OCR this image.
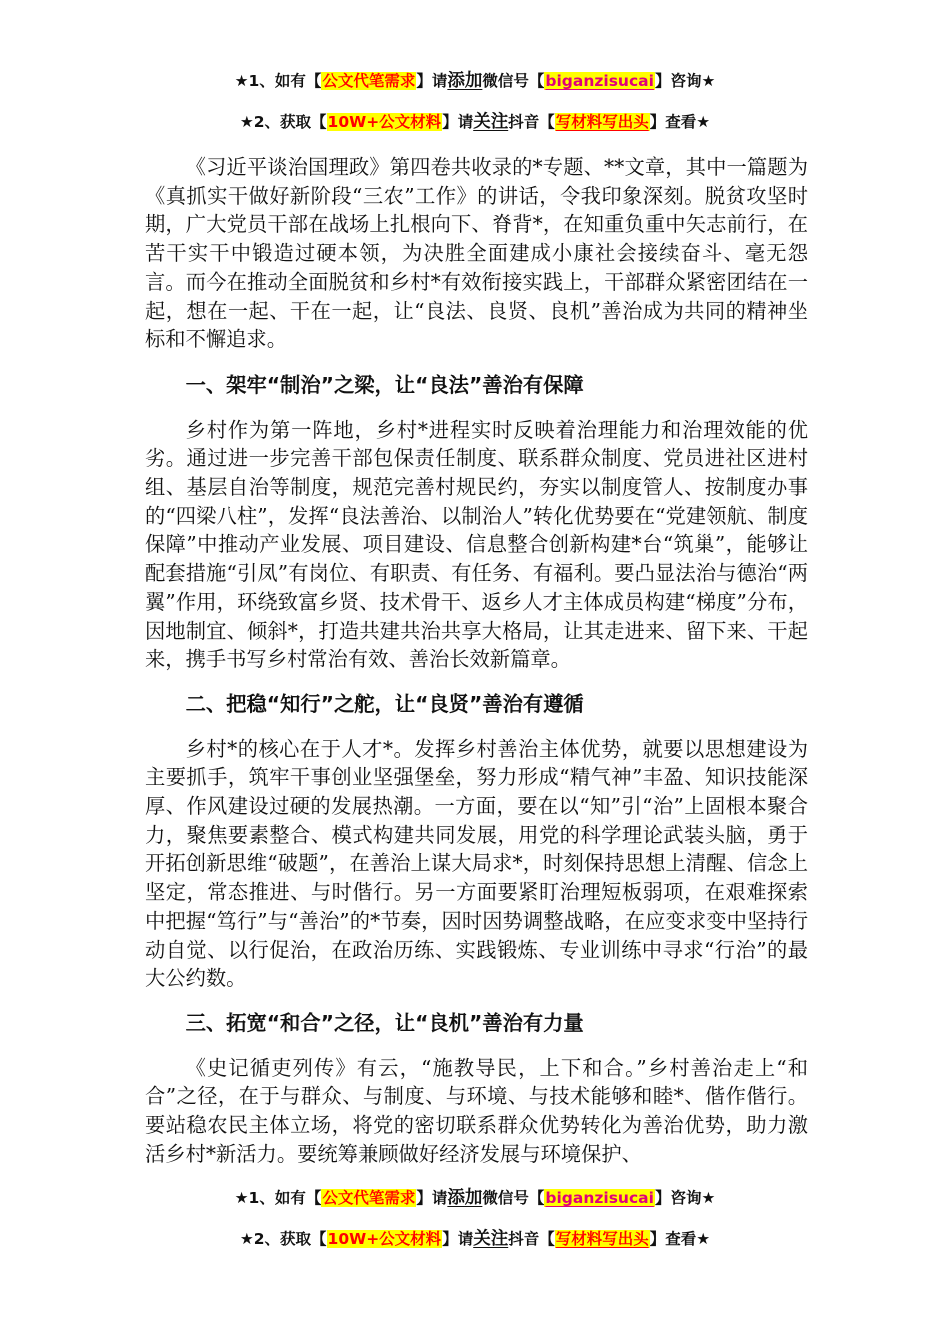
★1、如有【公文代笔需求】请添加微信号【biganzisucai】咨询★
★2、获取【10W+公文材料】请关注抖音【写材料写出头】查看★

《习近平谈治国理政》第四卷共收录的*专题、**文章，其中一篇题为《真抓实干做好新阶段“三农”工作》的讲话，令我印象深刻。脱贫攻坚时期，广大党员干部在战场上扎根向下、脊背*，在知重负重中矢志前行，在苦干实干中锻造过硬本领，为决胜全面建成小康社会接续奋斗、毫无怨言。而今在推动全面脱贫和乡村*有效衔接实践上，干部群众紧密团结在一起，想在一起、干在一起，让“良法、良贤、良机”善治成为共同的精神坐标和不懈追求。

一、架牢“制治”之梁，让“良法”善治有保障

乡村作为第一阵地，乡村*进程实时反映着治理能力和治理效能的优劣。通过进一步完善干部包保责任制度、联系群众制度、党员进社区进村组、基层自治等制度，规范完善村规民约，夯实以制度管人、按制度办事的“四梁八柱”，发挥“良法善治、以制治人”转化优势要在“党建领航、制度保障”中推动产业发展、项目建设、信息整合创新构建*台“筑巢”，能够让配套措施“引凤”有岗位、有职责、有任务、有福利。要凸显法治与德治“两翼”作用，环绕致富乡贤、技术骨干、返乡人才主体成员构建“梯度”分布，因地制宜、倾斜*，打造共建共治共享大格局，让其走进来、留下来、干起来，携手书写乡村常治有效、善治长效新篇章。

二、把稳“知行”之舵，让“良贤”善治有遵循

乡村*的核心在于人才*。发挥乡村善治主体优势，就要以思想建设为主要抓手，筑牢干事创业坚强堡垒，努力形成“精气神”丰盈、知识技能深厚、作风建设过硬的发展热潮。一方面，要在以“知”引“治”上固根本聚合力，聚焦要素整合、模式构建共同发展，用党的科学理论武装头脑，勇于开拓创新思维“破题”，在善治上谋大局求*，时刻保持思想上清醒、信念上坚定，常态推进、与时偕行。另一方面要紧盯治理短板弱项，在艰难探索中把握“笃行”与“善治”的*节奏，因时因势调整战略，在应变求变中坚持行动自觉、以行促治，在政治历练、实践锻炼、专业训练中寻求“行治”的最大公约数。

三、拓宽“和合”之径，让“良机”善治有力量

《史记循吏列传》有云，“施教导民，上下和合。”乡村善治走上“和合”之径，在于与群众、与制度、与环境、与技术能够和睦*、偕作偕行。要站稳农民主体立场，将党的密切联系群众优势转化为善治优势，助力激活乡村*新活力。要统筹兼顾做好经济发展与环境保护、

★1、如有【公文代笔需求】请添加微信号【biganzisucai】咨询★
★2、获取【10W+公文材料】请关注抖音【写材料写出头】查看★
